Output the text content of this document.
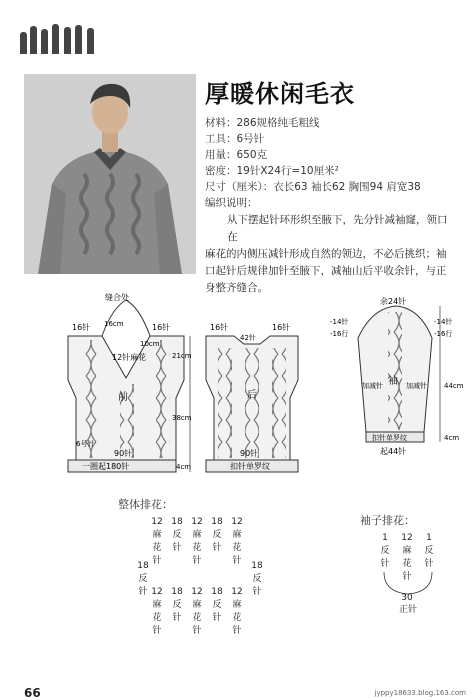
厚暖休闲毛衣
材料：286规格纯毛粗线
工具：6号针
用量：650克
密度：19针X24行=10厘米²
尺寸（厘米）：衣长63 袖长62 胸围94 肩宽38
编织说明：
从下摆起针环形织至腋下，先分针减袖窿，领口在
麻花的内侧压减针形成自然的领边，不必后挑织；袖口起针后规律加针至腋下，减袖山后平收余针，与正身整齐缝合。
缝合处
16针	16针
16cm
10cm
12针麻花
前
6号针
90针
一圈起180针
16针	16针
42针
21cm
38cm
后
90针
4cm	扣针单罗纹
余24针
-14针
-16行
-14针
-16行
袖
加减针	加减针 44cm
扣针单罗纹	4cm
起44针
整体排花：
12
麻
花
针
18
反
针
12
麻
花
针
18
反
针
12
麻
花
针
18
反
针
18
反
针
12
麻
花
针
18
反
针
12
麻
花
针
18
反
针
12
麻
花
针
袖子排花：
1
反
针
12
麻
花
针
1
反
针
30
正针
66	jyppy18633.blog.163.com
